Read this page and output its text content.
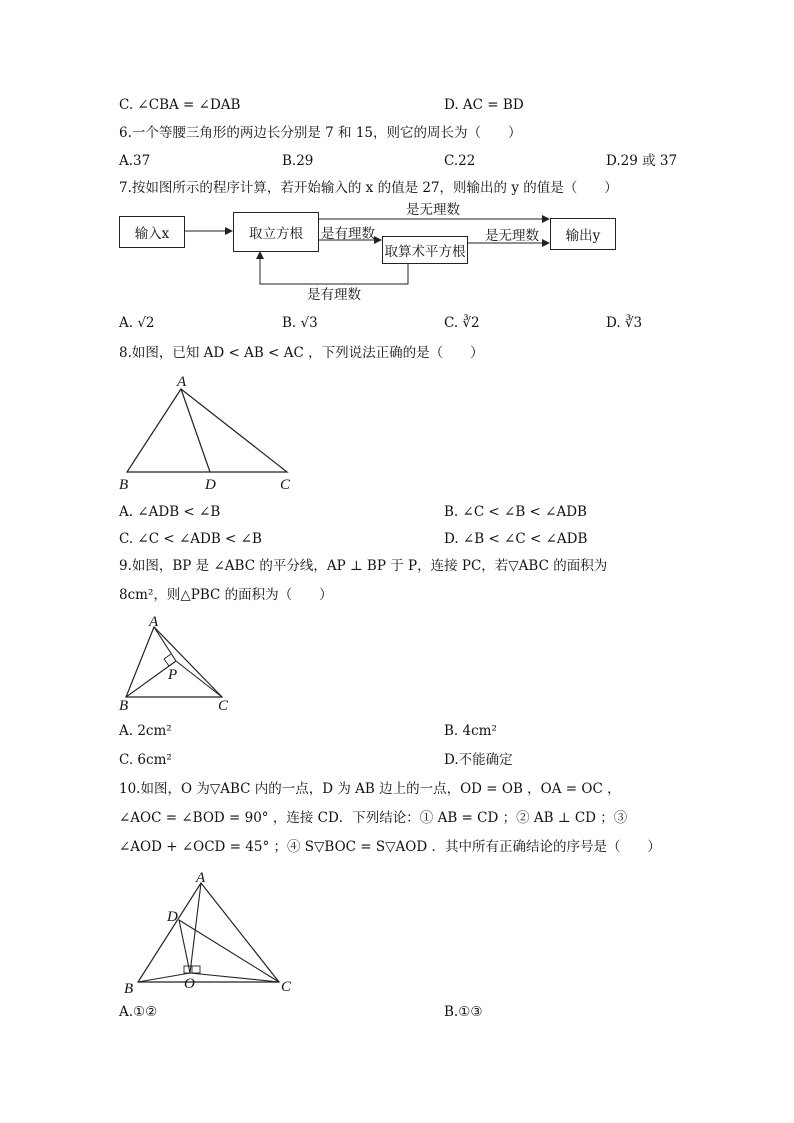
C. ∠CBA = ∠DAB	D. AC = BD
6.一个等腰三角形的两边长分别是 7 和 15，则它的周长为（　　）
A.37	B.29	C.22	D.29 或 37
7.按如图所示的程序计算，若开始输入的 x 的值是 27，则输出的 y 的值是（　　）
输入x	取立方根
取算术平方根
输出y
是无理数
是有理数	是无理数
是有理数
A. √2	B. √3	C. ∛2	D. ∛3
8.如图，已知 AD < AB < AC ，下列说法正确的是（　　）
A
B	D	C
A. ∠ADB < ∠B	B. ∠C < ∠B < ∠ADB
C. ∠C < ∠ADB < ∠B	D. ∠B < ∠C < ∠ADB
9.如图，BP 是 ∠ABC 的平分线，AP ⊥ BP 于 P，连接 PC，若▽ABC 的面积为
8cm²，则△PBC 的面积为（　　）
A
B	C
P
A. 2cm²	B. 4cm²
C. 6cm²	D.不能确定
10.如图，O 为▽ABC 内的一点，D 为 AB 边上的一点，OD = OB ，OA = OC ，
∠AOC = ∠BOD = 90° ，连接 CD．下列结论：① AB = CD ；② AB ⊥ CD ；③
∠AOD + ∠OCD = 45° ；④ S▽BOC = S▽AOD ．其中所有正确结论的序号是（　　）
A
D
B	O	C
A.①②	B.①③
